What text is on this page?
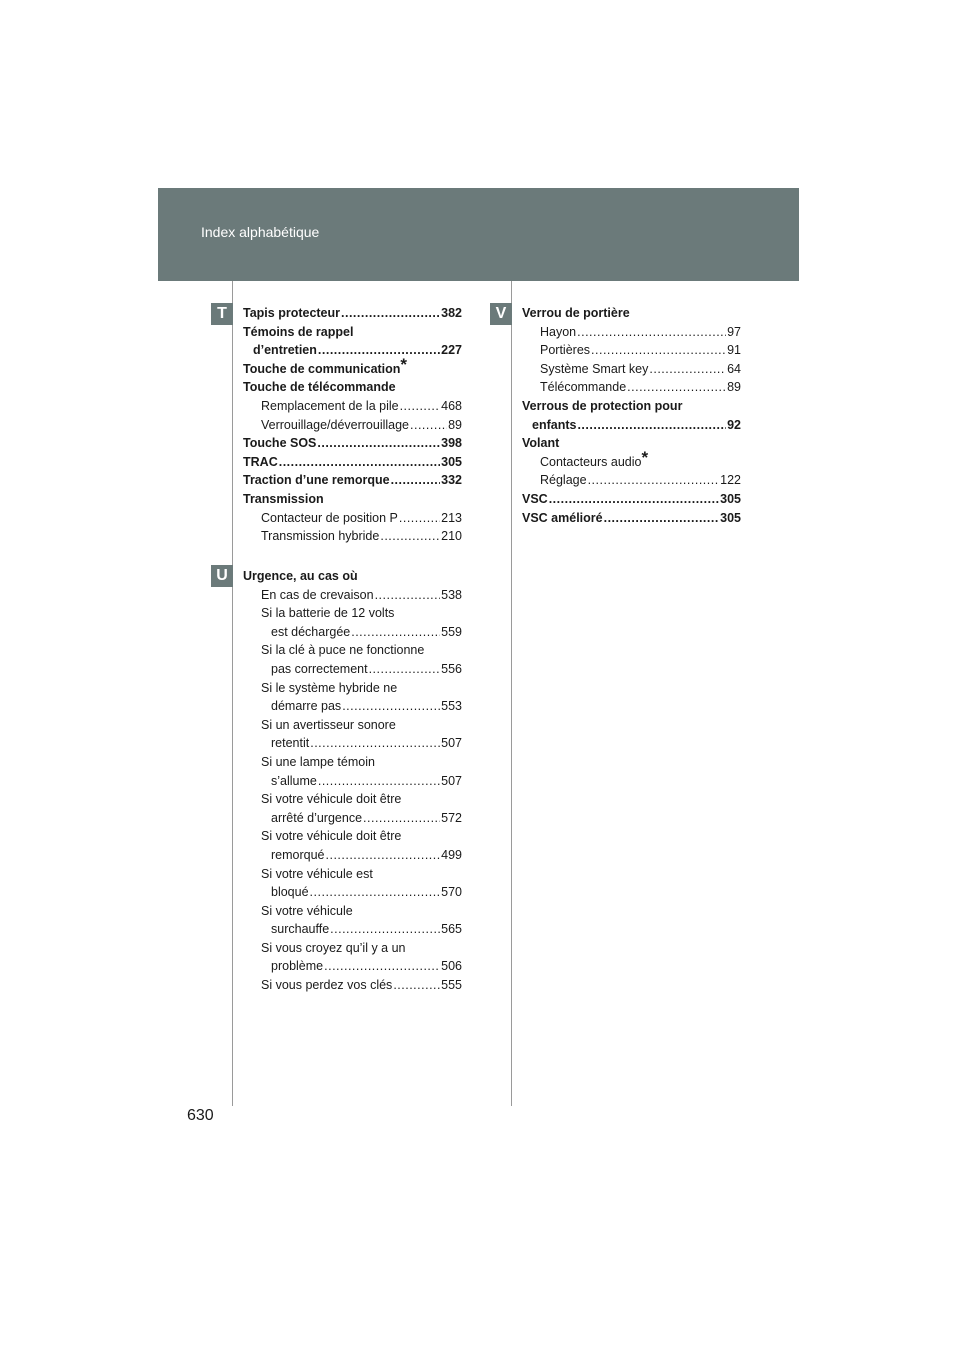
Index alphabétique
T
U
V
Tapis protecteur .....	382
Témoins de rappel
d’entretien .....	227
Touche de communication*
Touche de télécommande
Remplacement de la pile .....	468
Verrouillage/déverrouillage .....	89
Touche SOS .....	398
TRAC .....	305
Traction d’une remorque .....	332
Transmission
Contacteur de position P .....	213
Transmission hybride .....	210
Urgence, au cas où
En cas de crevaison .....	538
Si la batterie de 12 volts
est déchargée .....	559
Si la clé à puce ne fonctionne
pas correctement .....	556
Si le système hybride ne
démarre pas .....	553
Si un avertisseur sonore
retentit .....	507
Si une lampe témoin
s’allume .....	507
Si votre véhicule doit être
arrêté d’urgence .....	572
Si votre véhicule doit être
remorqué .....	499
Si votre véhicule est
bloqué .....	570
Si votre véhicule
surchauffe .....	565
Si vous croyez qu’il y a un
problème .....	506
Si vous perdez vos clés .....	555
Verrou de portière
Hayon .....	97
Portières .....	91
Système Smart key .....	64
Télécommande .....	89
Verrous de protection pour
enfants .....	92
Volant
Contacteurs audio*
Réglage .....	122
VSC .....	305
VSC amélioré .....	305
630
